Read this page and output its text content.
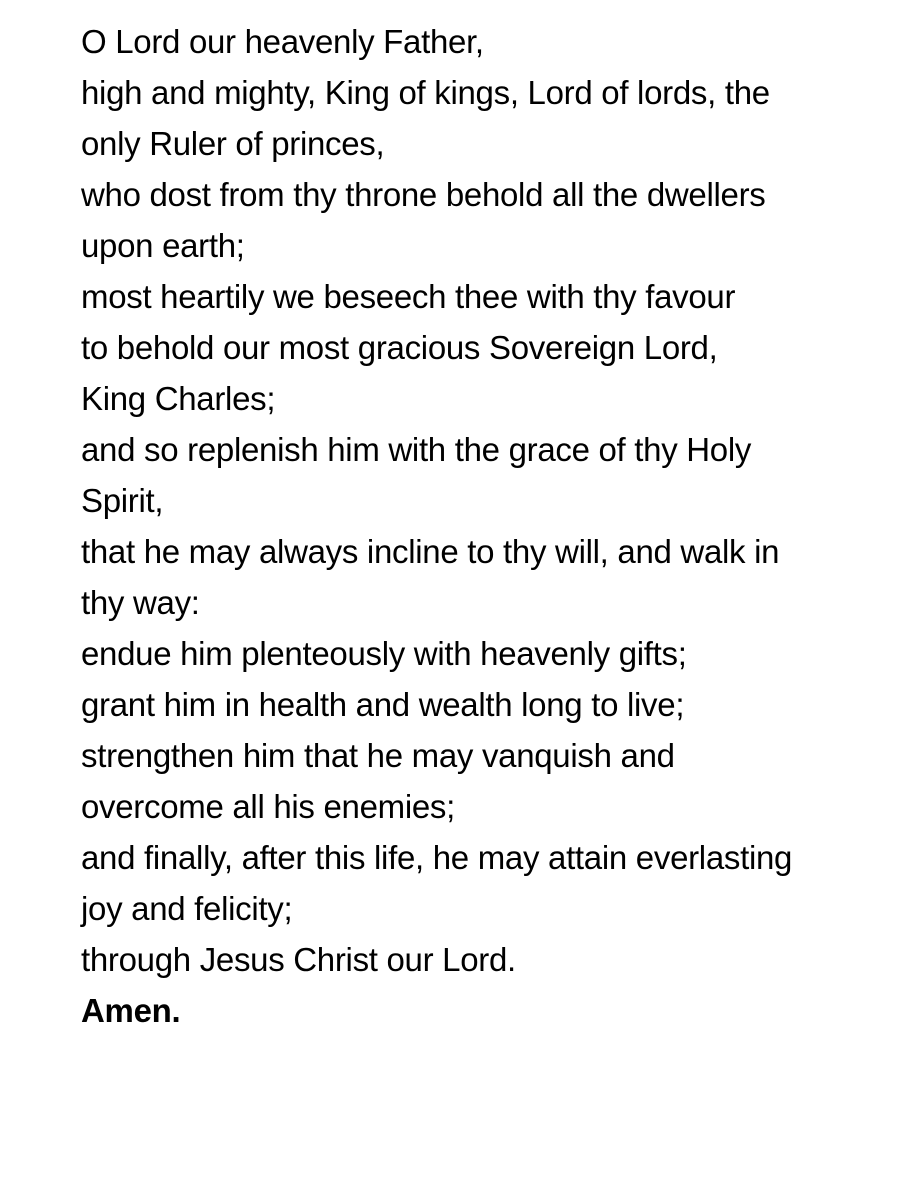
O Lord our heavenly Father,
high and mighty, King of kings, Lord of lords, the
only Ruler of princes,
who dost from thy throne behold all the dwellers
upon earth;
most heartily we beseech thee with thy favour
to behold our most gracious Sovereign Lord,
King Charles;
and so replenish him with the grace of thy Holy
Spirit,
that he may always incline to thy will, and walk in
thy way:
endue him plenteously with heavenly gifts;
grant him in health and wealth long to live;
strengthen him that he may vanquish and
overcome all his enemies;
and finally, after this life, he may attain everlasting
joy and felicity;
through Jesus Christ our Lord.
Amen.
